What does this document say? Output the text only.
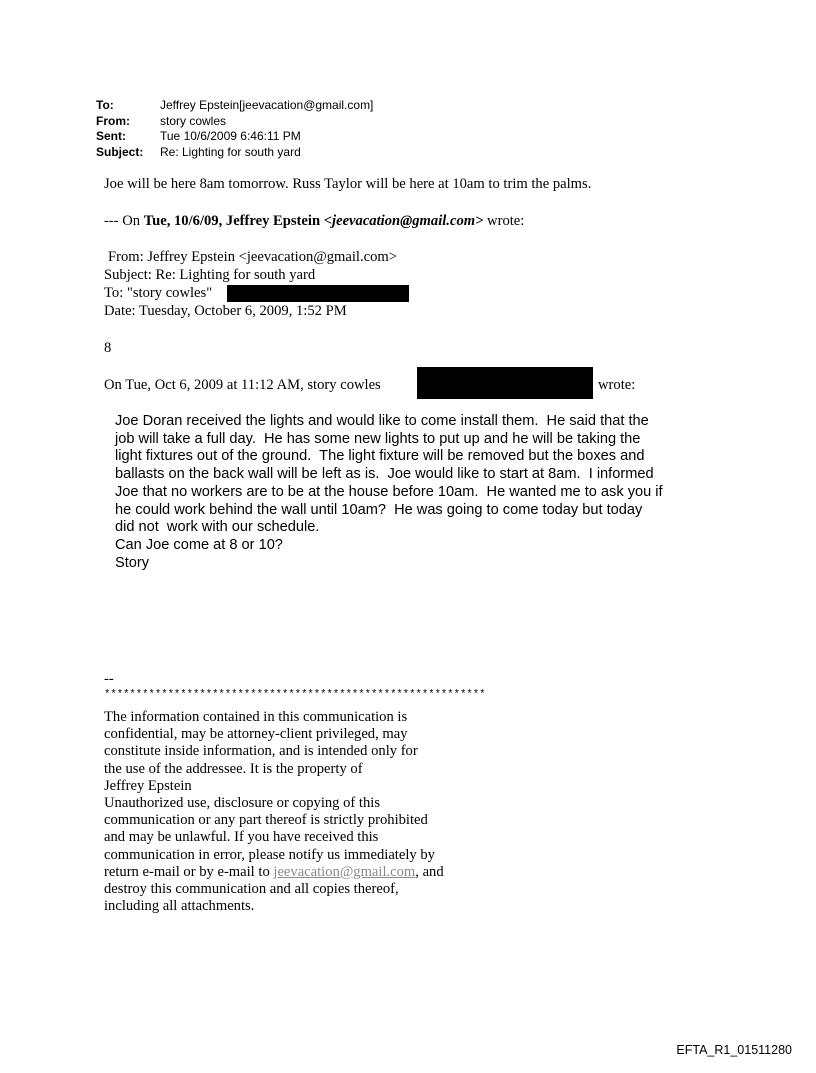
To:	Jeffrey Epstein[jeevacation@gmail.com]
From:	story cowles
Sent:	Tue 10/6/2009 6:46:11 PM
Subject:	Re: Lighting for south yard
Joe will be here 8am tomorrow. Russ Taylor will be here at 10am to trim the palms.
--- On Tue, 10/6/09, Jeffrey Epstein <jeevacation@gmail.com> wrote:
From: Jeffrey Epstein <jeevacation@gmail.com>
Subject: Re: Lighting for south yard
To: "story cowles"
Date: Tuesday, October 6, 2009, 1:52 PM
8
On Tue, Oct 6, 2009 at 11:12 AM, story cowles	wrote:
Joe Doran received the lights and would like to come install them.  He said that the
job will take a full day.  He has some new lights to put up and he will be taking the
light fixtures out of the ground.  The light fixture will be removed but the boxes and
ballasts on the back wall will be left as is.  Joe would like to start at 8am.  I informed
Joe that no workers are to be at the house before 10am.  He wanted me to ask you if
he could work behind the wall until 10am?  He was going to come today but today
did not  work with our schedule.
Can Joe come at 8 or 10?
Story
--
************************************************************
The information contained in this communication is
confidential, may be attorney-client privileged, may
constitute inside information, and is intended only for
the use of the addressee. It is the property of
Jeffrey Epstein
Unauthorized use, disclosure or copying of this
communication or any part thereof is strictly prohibited
and may be unlawful. If you have received this
communication in error, please notify us immediately by
return e-mail or by e-mail to jeevacation@gmail.com, and
destroy this communication and all copies thereof,
including all attachments.
EFTA_R1_01511280
